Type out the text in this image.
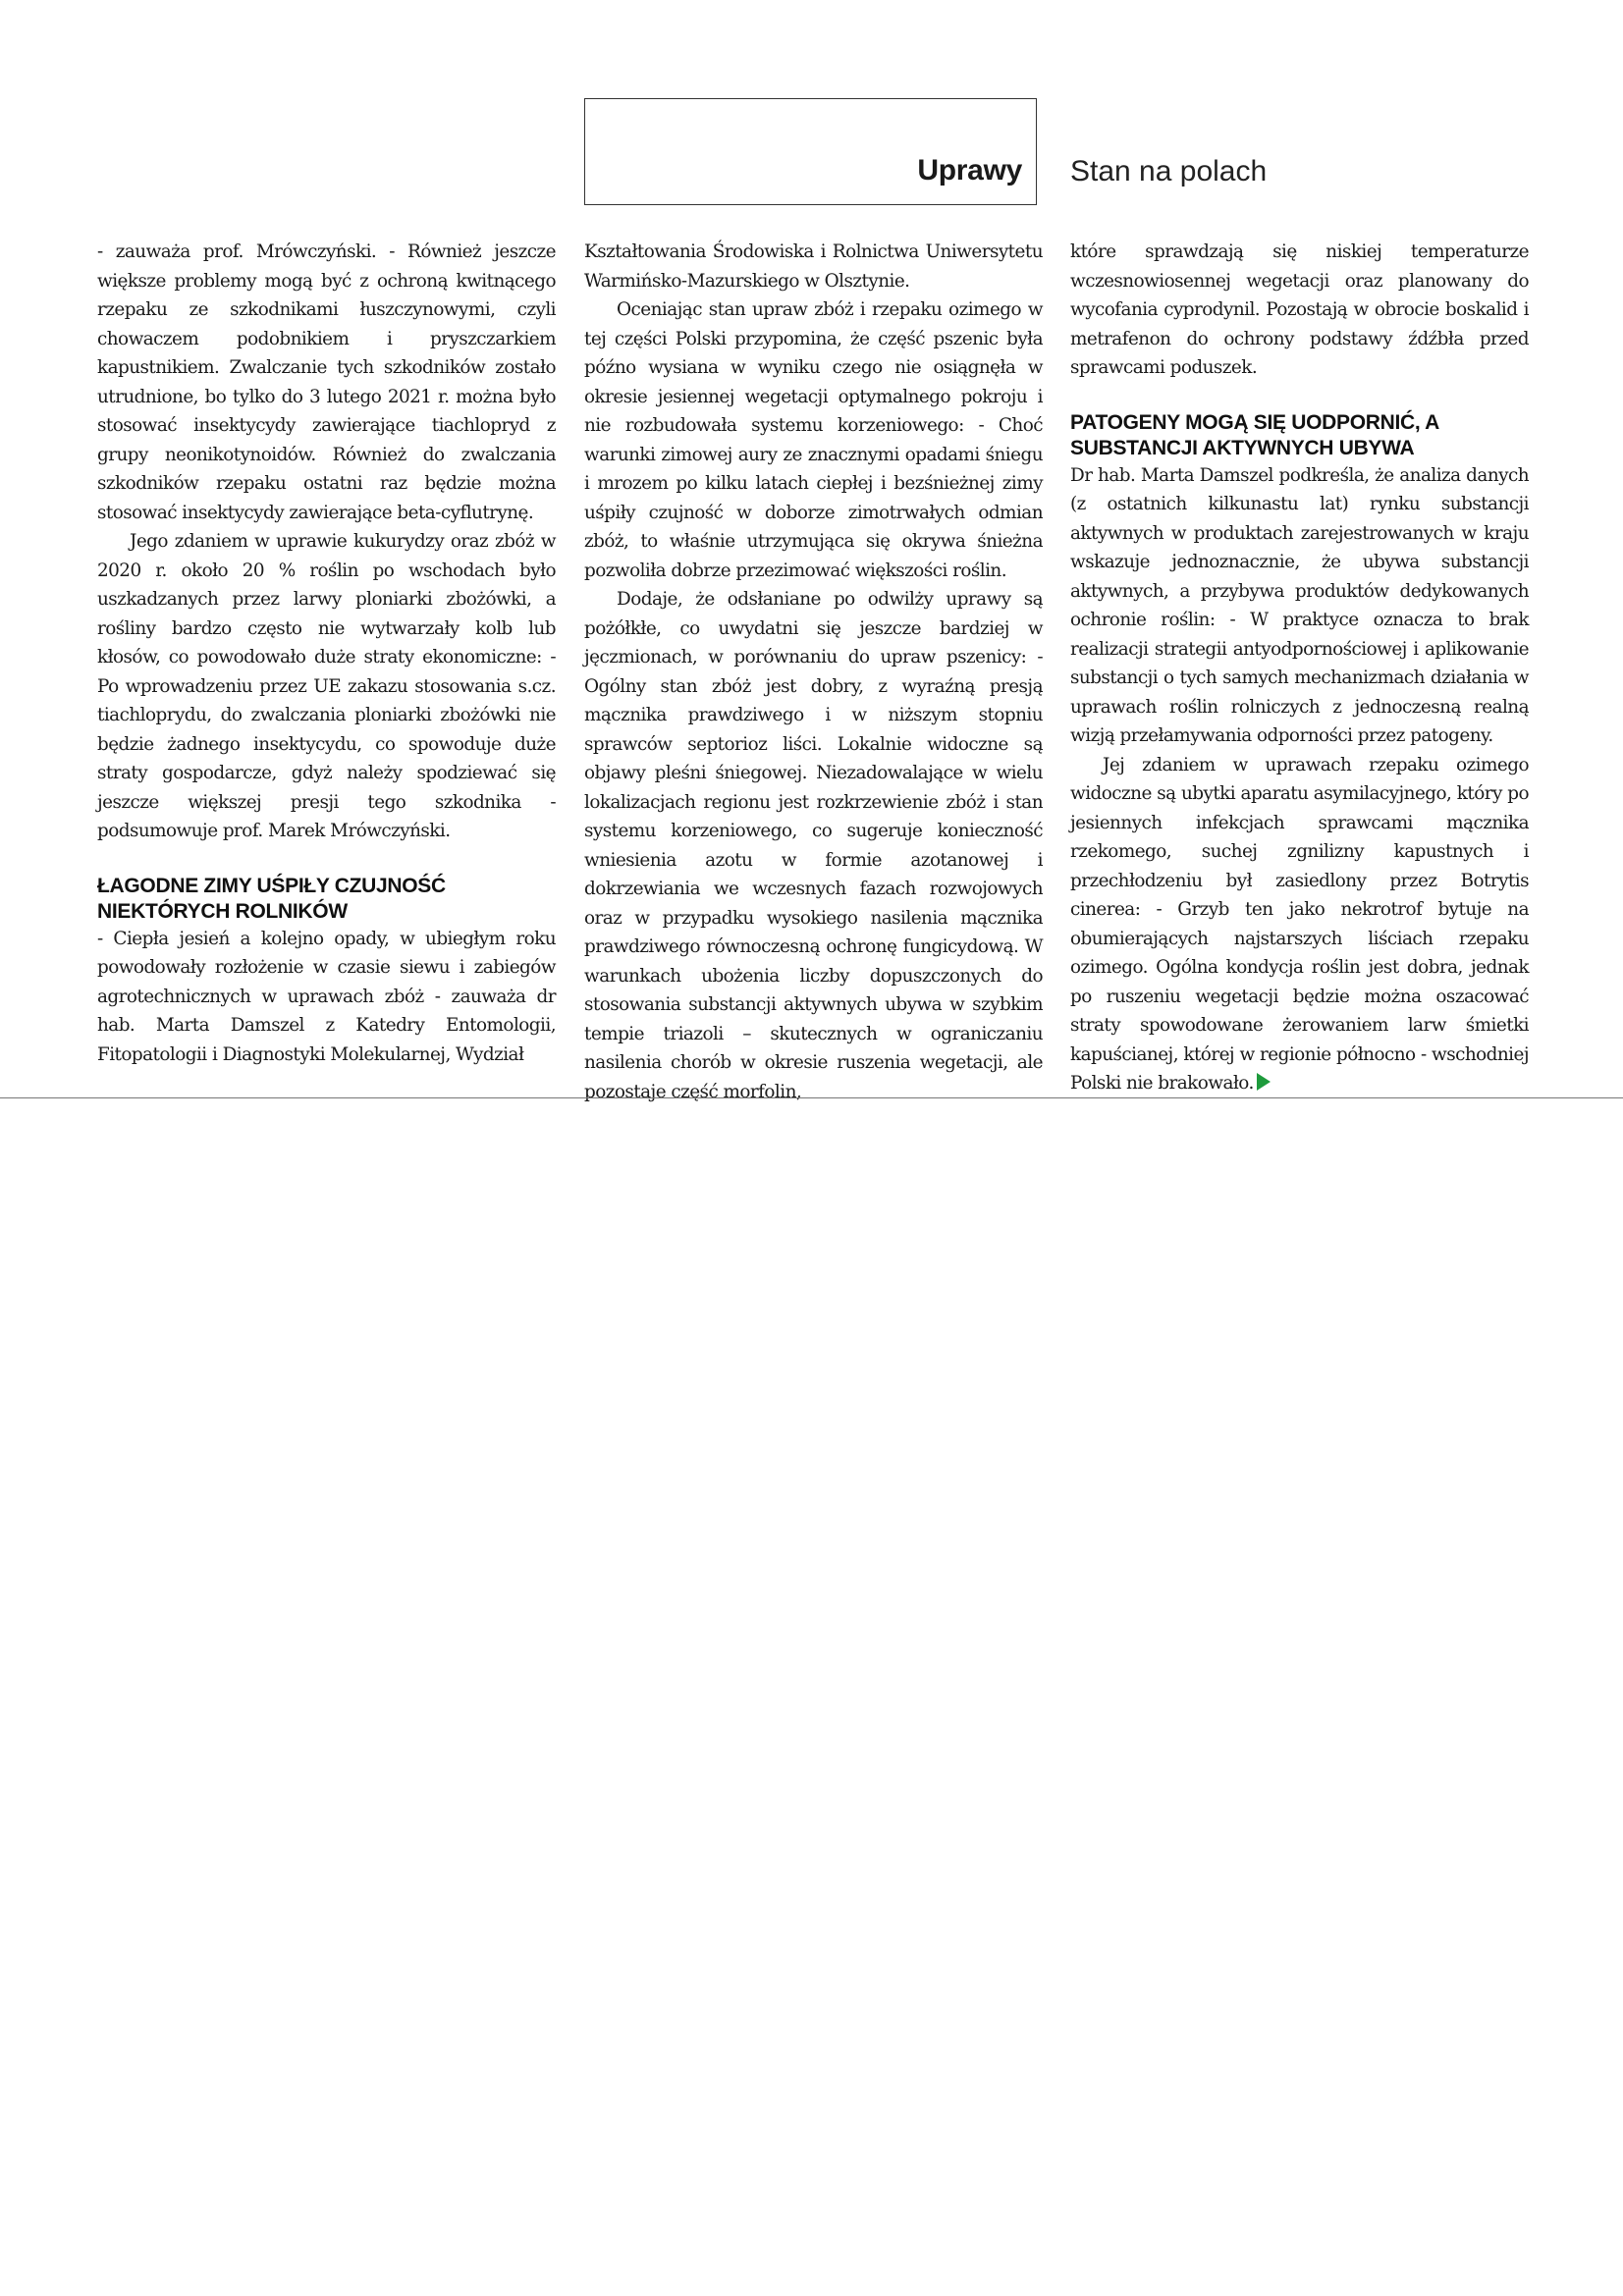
Uprawy Stan na polach

- zauważa prof. Mrówczyński. - Również jeszcze większe problemy mogą być z ochroną kwitnącego rzepaku ze szkodnikami łuszczynowymi, czyli chowaczem podobnikiem i pryszczarkiem kapustnikiem. Zwalczanie tych szkodników zostało utrudnione, bo tylko do 3 lutego 2021 r. można było stosować insektycydy zawierające tiachlopryd z grupy neonikotynoidów. Również do zwalczania szkodników rzepaku ostatni raz będzie można stosować insektycydy zawierające beta-cyflutrynę.

Jego zdaniem w uprawie kukurydzy oraz zbóż w 2020 r. około 20 % roślin po wschodach było uszkadzanych przez larwy ploniarki zbożówki, a rośliny bardzo często nie wytwarzały kolb lub kłosów, co powodowało duże straty ekonomiczne: - Po wprowadzeniu przez UE zakazu stosowania s.cz. tiachloprydu, do zwalczania ploniarki zbożówki nie będzie żadnego insektycydu, co spowoduje duże straty gospodarcze, gdyż należy spodziewać się jeszcze większej presji tego szkodnika - podsumowuje prof. Marek Mrówczyński.

ŁAGODNE ZIMY UŚPIŁY CZUJNOŚĆ NIEKTÓRYCH ROLNIKÓW

- Ciepła jesień a kolejno opady, w ubiegłym roku powodowały rozłożenie w czasie siewu i zabiegów agrotechnicznych w uprawach zbóż - zauważa dr hab. Marta Damszel z Katedry Entomologii, Fitopatologii i Diagnostyki Molekularnej, Wydział

Kształtowania Środowiska i Rolnictwa Uniwersytetu Warmińsko-Mazurskiego w Olsztynie.

Oceniając stan upraw zbóż i rzepaku ozimego w tej części Polski przypomina, że część pszenic była późno wysiana w wyniku czego nie osiągnęła w okresie jesiennej wegetacji optymalnego pokroju i nie rozbudowała systemu korzeniowego: - Choć warunki zimowej aury ze znacznymi opadami śniegu i mrozem po kilku latach ciepłej i bezśnieżnej zimy uśpiły czujność w doborze zimotrwałych odmian zbóż, to właśnie utrzymująca się okrywa śnieżna pozwoliła dobrze przezimować większości roślin.

Dodaje, że odsłaniane po odwilży uprawy są pożółkłe, co uwydatni się jeszcze bardziej w jęczmionach, w porównaniu do upraw pszenicy: - Ogólny stan zbóż jest dobry, z wyraźną presją mącznika prawdziwego i w niższym stopniu sprawców septorioz liści. Lokalnie widoczne są objawy pleśni śniegowej. Niezadowalające w wielu lokalizacjach regionu jest rozkrzewienie zbóż i stan systemu korzeniowego, co sugeruje konieczność wniesienia azotu w formie azotanowej i dokrzewiania we wczesnych fazach rozwojowych oraz w przypadku wysokiego nasilenia mącznika prawdziwego równoczesną ochronę fungicydową. W warunkach ubożenia liczby dopuszczonych do stosowania substancji aktywnych ubywa w szybkim tempie triazoli – skutecznych w ograniczaniu nasilenia chorób w okresie ruszenia wegetacji, ale pozostaje część morfolin,

które sprawdzają się niskiej temperaturze wczesnowiosennej wegetacji oraz planowany do wycofania cyprodynil. Pozostają w obrocie boskalid i metrafenon do ochrony podstawy źdźbła przed sprawcami poduszek.

PATOGENY MOGĄ SIĘ UODPORNIĆ, A SUBSTANCJI AKTYWNYCH UBYWA

Dr hab. Marta Damszel podkreśla, że analiza danych (z ostatnich kilkunastu lat) rynku substancji aktywnych w produktach zarejestrowanych w kraju wskazuje jednoznacznie, że ubywa substancji aktywnych, a przybywa produktów dedykowanych ochronie roślin: - W praktyce oznacza to brak realizacji strategii antyodpornościowej i aplikowanie substancji o tych samych mechanizmach działania w uprawach roślin rolniczych z jednoczesną realną wizją przełamywania odporności przez patogeny.

Jej zdaniem w uprawach rzepaku ozimego widoczne są ubytki aparatu asymilacyjnego, który po jesiennych infekcjach sprawcami mącznika rzekomego, suchej zgnilizny kapustnych i przechłodzeniu był zasiedlony przez Botrytis cinerea: - Grzyb ten jako nekrotrof bytuje na obumierających najstarszych liściach rzepaku ozimego. Ogólna kondycja roślin jest dobra, jednak po ruszeniu wegetacji będzie można oszacować straty spowodowane żerowaniem larw śmietki kapuścianej, której w regionie północno - wschodniej Polski nie brakowało.
